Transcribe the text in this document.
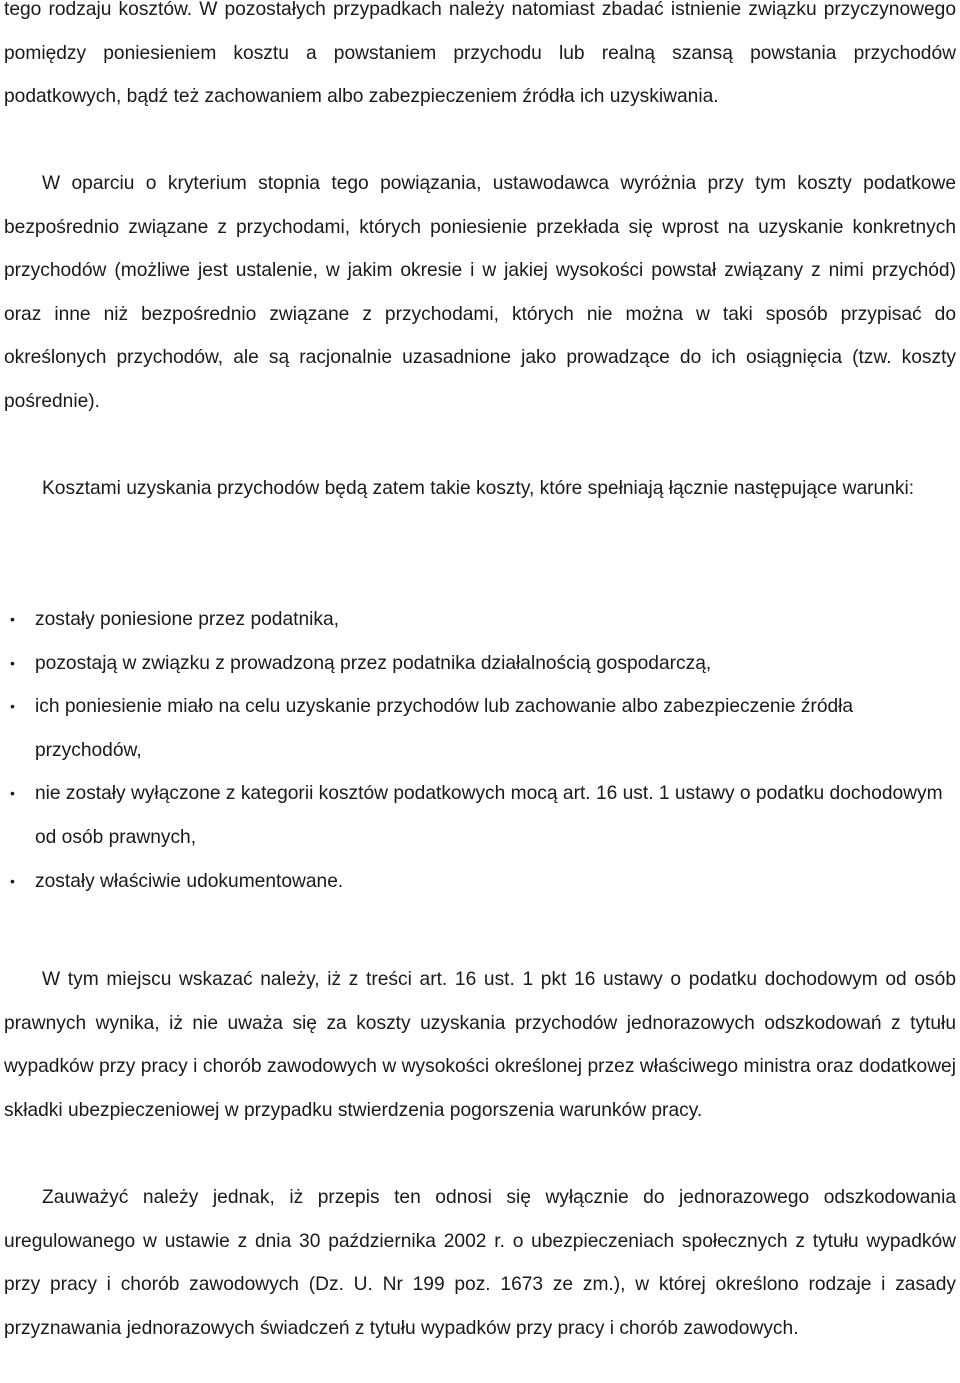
tego rodzaju kosztów. W pozostałych przypadkach należy natomiast zbadać istnienie związku przyczynowego pomiędzy poniesieniem kosztu a powstaniem przychodu lub realną szansą powstania przychodów podatkowych, bądź też zachowaniem albo zabezpieczeniem źródła ich uzyskiwania.

W oparciu o kryterium stopnia tego powiązania, ustawodawca wyróżnia przy tym koszty podatkowe bezpośrednio związane z przychodami, których poniesienie przekłada się wprost na uzyskanie konkretnych przychodów (możliwe jest ustalenie, w jakim okresie i w jakiej wysokości powstał związany z nimi przychód) oraz inne niż bezpośrednio związane z przychodami, których nie można w taki sposób przypisać do określonych przychodów, ale są racjonalnie uzasadnione jako prowadzące do ich osiągnięcia (tzw. koszty pośrednie).

Kosztami uzyskania przychodów będą zatem takie koszty, które spełniają łącznie następujące warunki:

• zostały poniesione przez podatnika,
• pozostają w związku z prowadzoną przez podatnika działalnością gospodarczą,
• ich poniesienie miało na celu uzyskanie przychodów lub zachowanie albo zabezpieczenie źródła przychodów,
• nie zostały wyłączone z kategorii kosztów podatkowych mocą art. 16 ust. 1 ustawy o podatku dochodowym od osób prawnych,
• zostały właściwie udokumentowane.

W tym miejscu wskazać należy, iż z treści art. 16 ust. 1 pkt 16 ustawy o podatku dochodowym od osób prawnych wynika, iż nie uważa się za koszty uzyskania przychodów jednorazowych odszkodowań z tytułu wypadków przy pracy i chorób zawodowych w wysokości określonej przez właściwego ministra oraz dodatkowej składki ubezpieczeniowej w przypadku stwierdzenia pogorszenia warunków pracy.

Zauważyć należy jednak, iż przepis ten odnosi się wyłącznie do jednorazowego odszkodowania uregulowanego w ustawie z dnia 30 października 2002 r. o ubezpieczeniach społecznych z tytułu wypadków przy pracy i chorób zawodowych (Dz. U. Nr 199 poz. 1673 ze zm.), w której określono rodzaje i zasady przyznawania jednorazowych świadczeń z tytułu wypadków przy pracy i chorób zawodowych.
